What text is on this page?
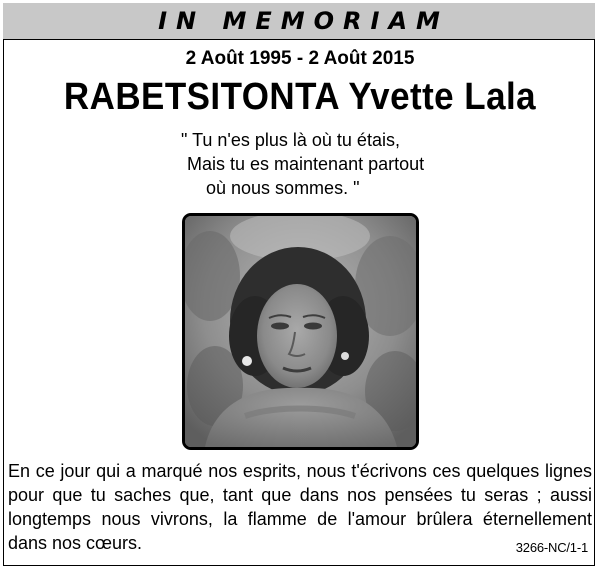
IN MEMORIAM
2 Août 1995 - 2 Août 2015
RABETSITONTA Yvette Lala
" Tu n'es plus là où tu étais,
Mais tu es maintenant partout
où nous sommes. "
En ce jour qui a marqué nos esprits, nous t'écrivons ces quelques lignes pour que tu saches que, tant que dans nos pensées tu seras ; aussi longtemps nous vivrons, la flamme de l'amour brûlera éternellement dans nos cœurs.	3266-NC/1-1
